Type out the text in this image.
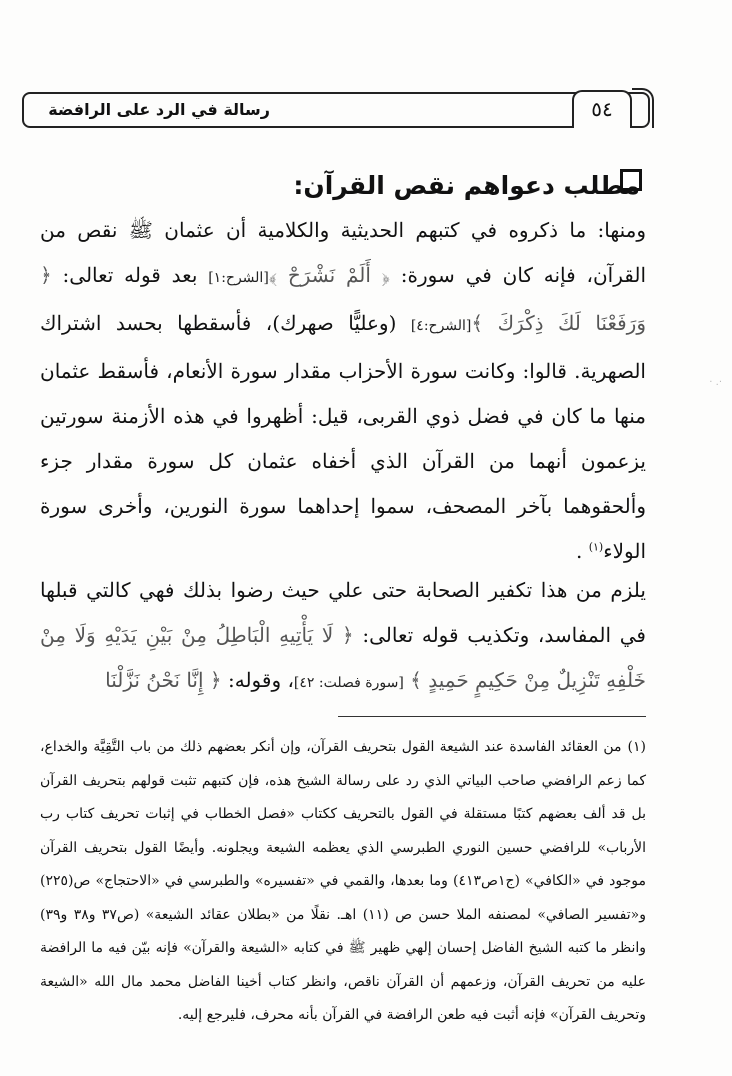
رسالة في الرد على الرافضة	٥٤
مطلب دعواهم نقص القرآن:

ومنها: ما ذكروه في كتبهم الحديثية والكلامية أن عثمان ﷺ نقص من القرآن، فإنه كان في سورة: ﴿ أَلَمْ نَشْرَحْ ﴾[الشرح:١] بعد قوله تعالى: ﴿ وَرَفَعْنَا لَكَ ذِكْرَكَ ﴾[الشرح:٤] (وعليًّا صهرك)، فأسقطها بحسد اشتراك الصهرية. قالوا: وكانت سورة الأحزاب مقدار سورة الأنعام، فأسقط عثمان منها ما كان في فضل ذوي القربى، قيل: أظهروا في هذه الأزمنة سورتين يزعمون أنهما من القرآن الذي أخفاه عثمان كل سورة مقدار جزء وألحقوهما بآخر المصحف، سموا إحداهما سورة النورين، وأخرى سورة الولاء$^{(١)}$ .

يلزم من هذا تكفير الصحابة حتى علي حيث رضوا بذلك فهي كالتي قبلها في المفاسد، وتكذيب قوله تعالى: ﴿ لَا يَأْتِيهِ الْبَاطِلُ مِنْ بَيْنِ يَدَيْهِ وَلَا مِنْ خَلْفِهِ تَنْزِيلٌ مِنْ حَكِيمٍ حَمِيدٍ ﴾ [سورة فصلت: ٤٢]، وقوله: ﴿ إِنَّا نَحْنُ نَزَّلْنَا

(١)من العقائد الفاسدة عند الشيعة القول بتحريف القرآن، وإن أنكر بعضهم ذلك من باب التَّقِيَّة والخداع، كما زعم الرافضي صاحب البياتي الذي رد على رسالة الشيخ هذه، فإن كتبهم تثبت قولهم بتحريف القرآن بل قد ألف بعضهم كتبًا مستقلة في القول بالتحريف ككتاب «فصل الخطاب في إثبات تحريف كتاب رب الأرباب» للرافضي حسين النوري الطبرسي الذي يعظمه الشيعة ويجلونه. وأيضًا القول بتحريف القرآن موجود في «الكافي» (ج١ص٤١٣) وما بعدها، والقمي في «تفسيره» والطبرسي في «الاحتجاج» ص(٢٢٥) و«تفسير الصافي» لمصنفه الملا حسن ص (١١) اهـ. نقلًا من «بطلان عقائد الشيعة» (ص٣٧ و٣٨ و٣٩) وانظر ما كتبه الشيخ الفاضل إحسان إلهي ظهير ﷺ في كتابه «الشيعة والقرآن» فإنه بيّن فيه ما الرافضة عليه من تحريف القرآن، وزعمهم أن القرآن ناقص، وانظر كتاب أخينا الفاضل محمد مال الله «الشيعة وتحريف القرآن» فإنه أثبت فيه طعن الرافضة في القرآن بأنه محرف، فليرجع إليه.

·. ·
